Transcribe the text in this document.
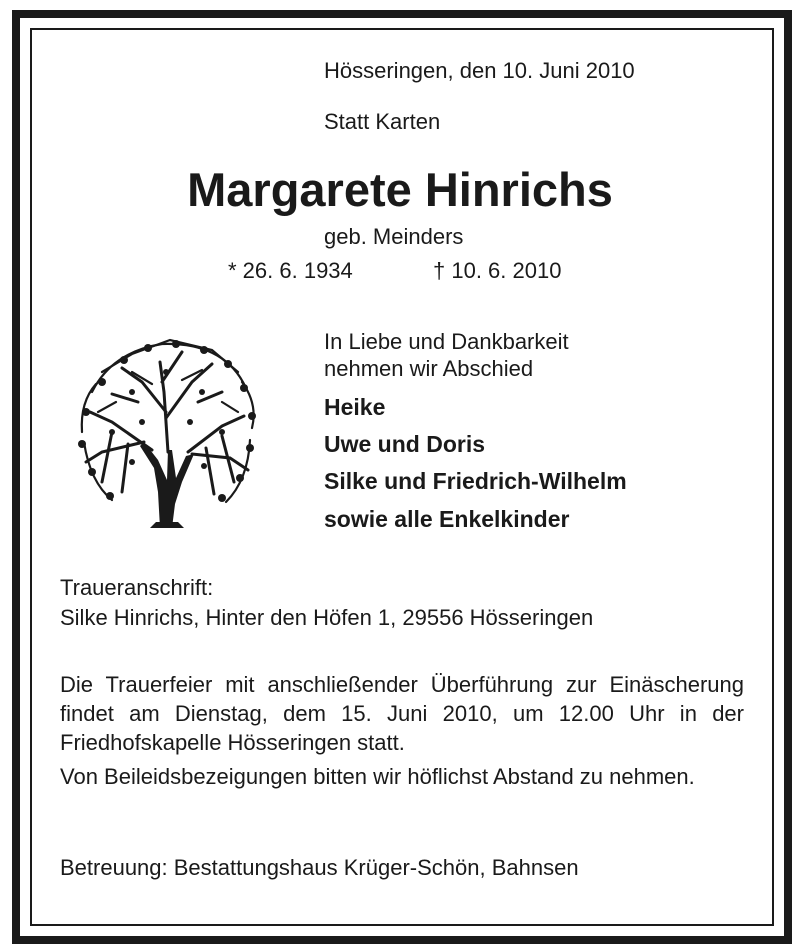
Hösseringen, den 10. Juni 2010
Statt Karten
Margarete Hinrichs
geb. Meinders
* 26. 6. 1934	† 10. 6. 2010
In Liebe und Dankbarkeit
nehmen wir Abschied
Heike
Uwe und Doris
Silke und Friedrich-Wilhelm
sowie alle Enkelkinder
Traueranschrift:
Silke Hinrichs, Hinter den Höfen 1, 29556 Hösseringen
Die Trauerfeier mit anschließender Überführung zur Einäscherung findet am Dienstag, dem 15. Juni 2010, um 12.00 Uhr in der Friedhofskapelle Hösseringen statt.
Von Beileidsbezeigungen bitten wir höflichst Abstand zu nehmen.
Betreuung: Bestattungshaus Krüger-Schön, Bahnsen
